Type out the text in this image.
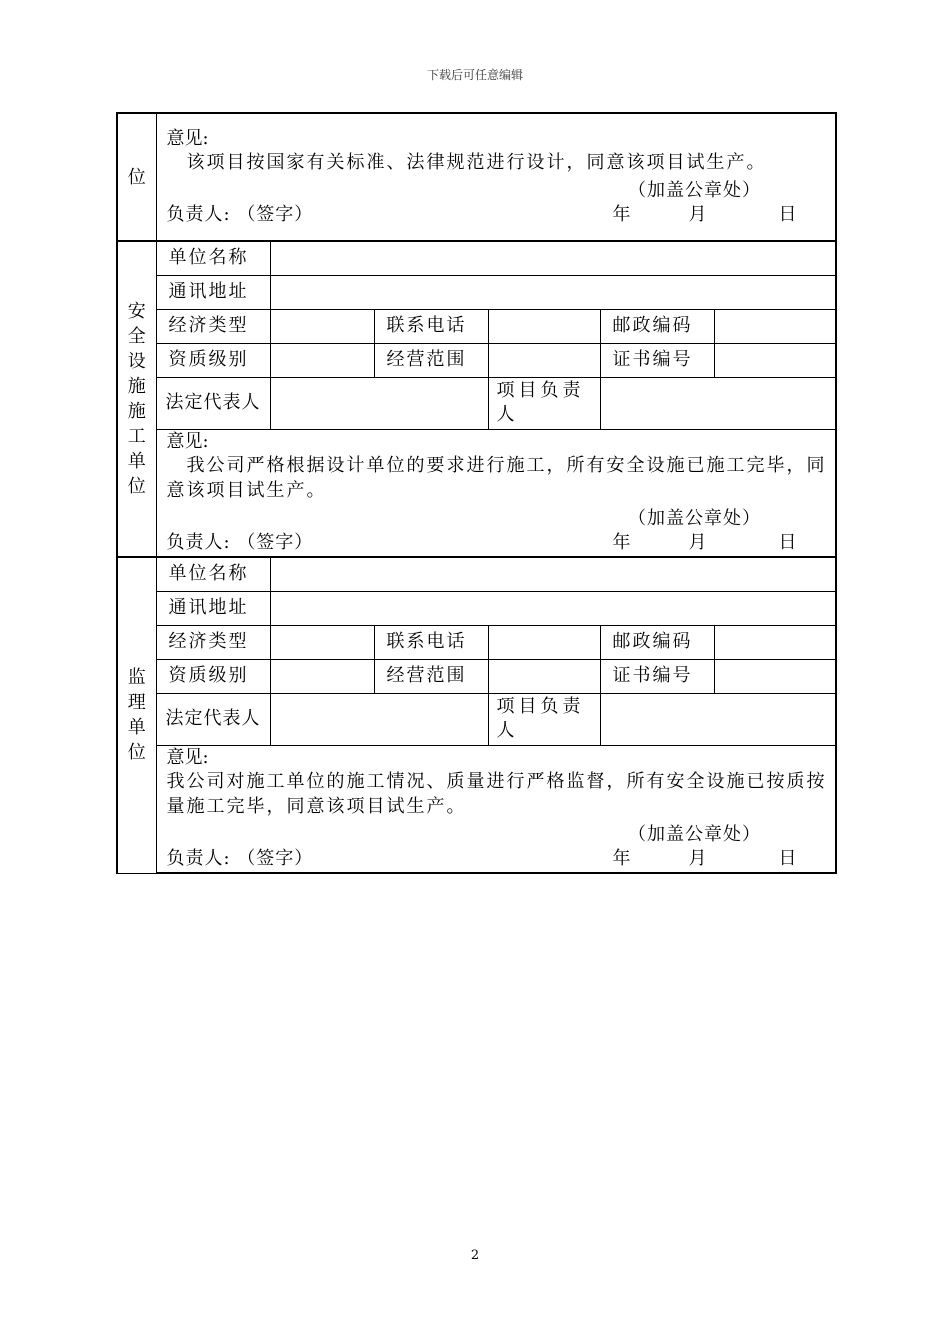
下载后可任意编辑
位	意见:
该项目按国家有关标准、法律规范进行设计，同意该项目试生产。
（加盖公章处）
负责人: （签字） 年 月 日					

安全设施施工单位	单位名称					
	通讯地址					
	经济类型		联系电话		邮政编码	
	资质级别		经营范围		证书编号	
	法定代表人			项目负责人		

	意见:
我公司严格根据设计单位的要求进行施工，所有安全设施已施工完毕，同意该项目试生产。
（加盖公章处）
负责人: （签字） 年 月 日					

监理单位	单位名称					
	通讯地址					
	经济类型		联系电话		邮政编码	
	资质级别		经营范围		证书编号	
	法定代表人			项目负责人		

	意见:
我公司对施工单位的施工情况、质量进行严格监督，所有安全设施已按质按量施工完毕，同意该项目试生产。
（加盖公章处）
负责人: （签字） 年 月 日					
2
